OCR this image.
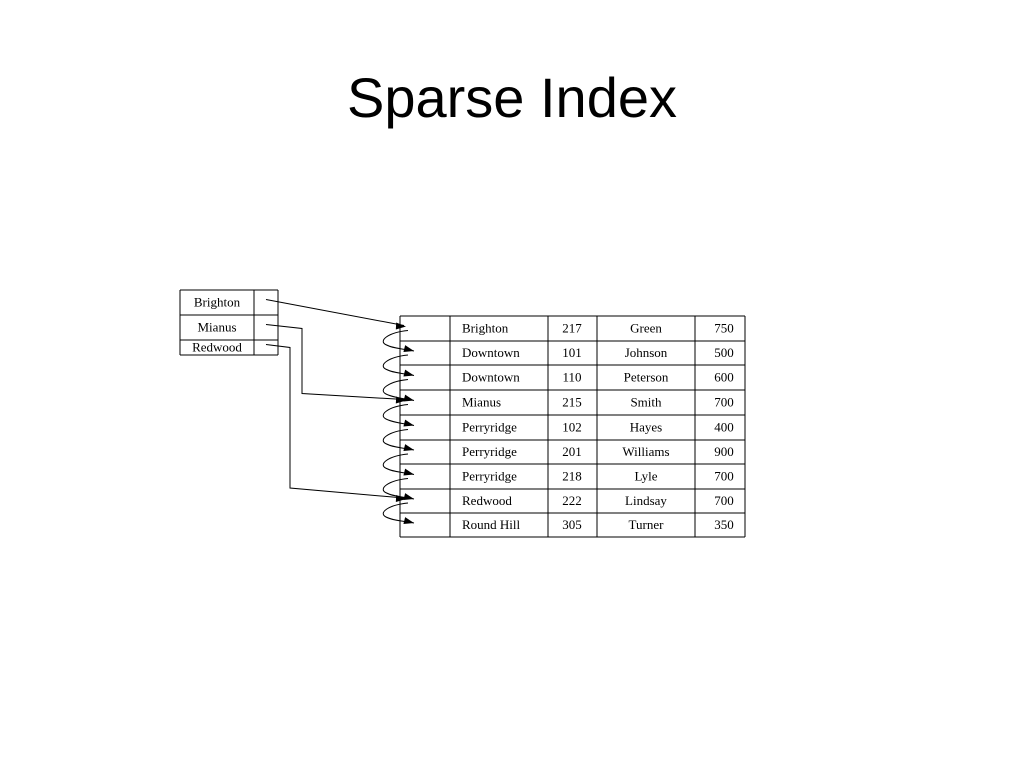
Sparse Index
Brighton
Mianus
Redwood
Brighton	217	Green	750
Downtown	101	Johnson	500
Downtown	110	Peterson	600
Mianus	215	Smith	700
Perryridge	102	Hayes	400
Perryridge	201	Williams	900
Perryridge	218	Lyle	700
Redwood	222	Lindsay	700
Round Hill	305	Turner	350
